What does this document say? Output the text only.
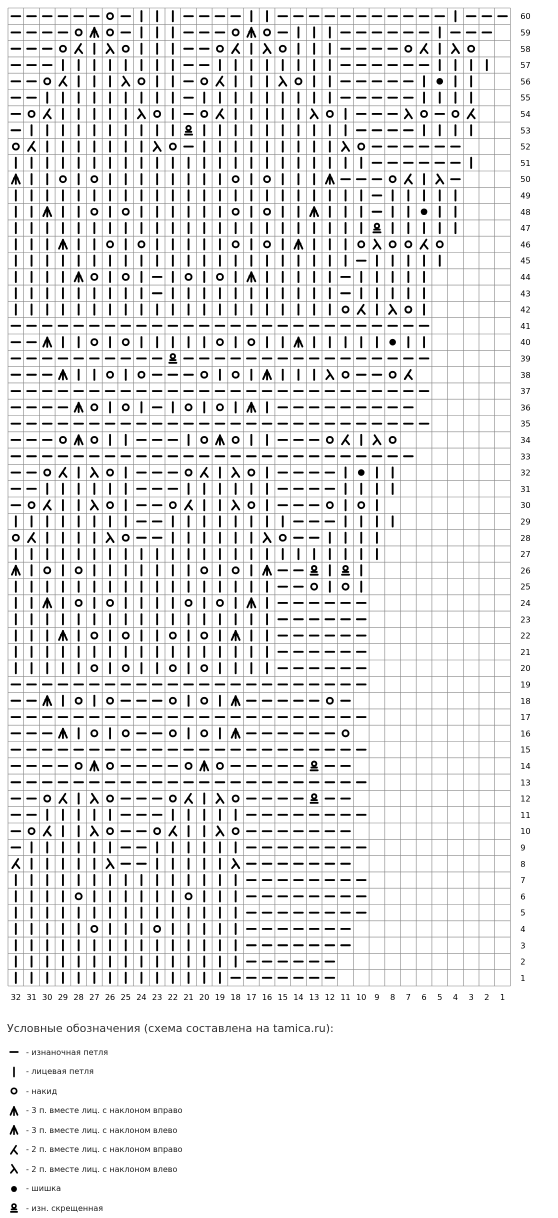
60
59
58
57
56
55
54
53
52
51
50
49
48
47
46
45
44
43
42
41
40
39
38
37
36
35
34
33
32
31
30
29
28
27
26
25
24
23
22
21
20
19
18
17
16
15
14
13
12
11
10
9
8
7
6
5
4
3
2
1
32 31 30 29 28 27 26 25 24 23 22 21 20 19 18 17 16 15 14 13 12 11 10 9 8 7 6 5 4 3 2 1
Условные обозначения (схема составлена на tamica.ru):
- изнаночная петля
- лицевая петля
- накид
- 3 п. вместе лиц. с наклоном вправо
- 3 п. вместе лиц. с наклоном влево
- 2 п. вместе лиц. с наклоном вправо
- 2 п. вместе лиц. с наклоном влево
- шишка
- изн. скрещенная
